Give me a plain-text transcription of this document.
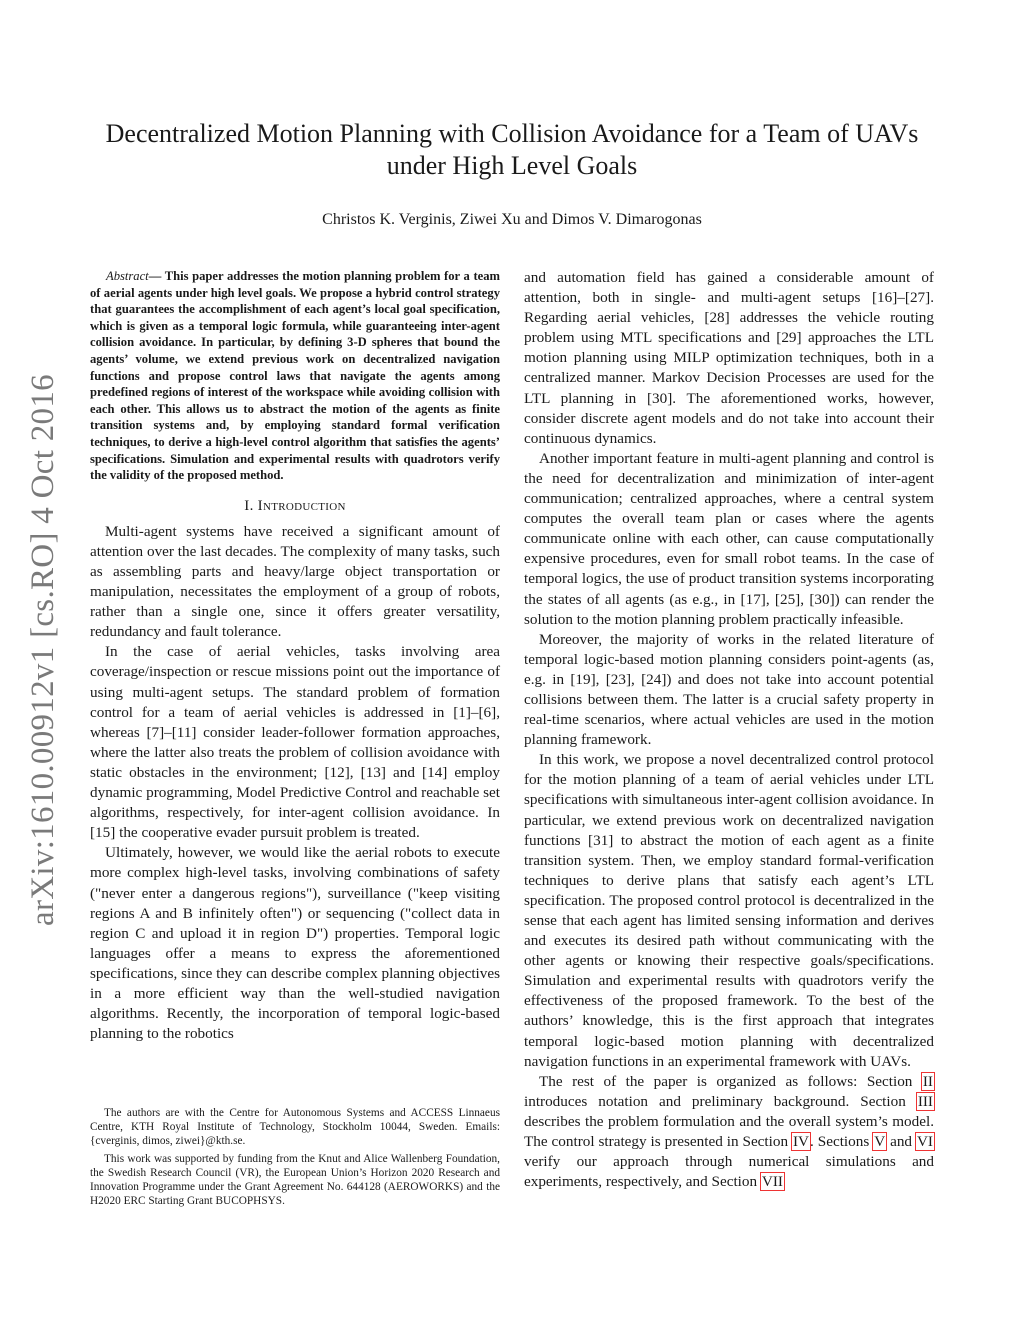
arXiv:1610.00912v1 [cs.RO] 4 Oct 2016
Decentralized Motion Planning with Collision Avoidance for a Team of UAVs under High Level Goals
Christos K. Verginis, Ziwei Xu and Dimos V. Dimarogonas

Abstract— This paper addresses the motion planning problem for a team of aerial agents under high level goals. We propose a hybrid control strategy that guarantees the accomplishment of each agent’s local goal specification, which is given as a temporal logic formula, while guaranteeing inter-agent collision avoidance. In particular, by defining 3-D spheres that bound the agents’ volume, we extend previous work on decentralized navigation functions and propose control laws that navigate the agents among predefined regions of interest of the workspace while avoiding collision with each other. This allows us to abstract the motion of the agents as finite transition systems and, by employing standard formal verification techniques, to derive a high-level control algorithm that satisfies the agents’ specifications. Simulation and experimental results with quadrotors verify the validity of the proposed method.

I. Introduction

Multi-agent systems have received a significant amount of attention over the last decades. The complexity of many tasks, such as assembling parts and heavy/large object transportation or manipulation, necessitates the employment of a group of robots, rather than a single one, since it offers greater versatility, redundancy and fault tolerance.

In the case of aerial vehicles, tasks involving area coverage/inspection or rescue missions point out the importance of using multi-agent setups. The standard problem of formation control for a team of aerial vehicles is addressed in [1]–[6], whereas [7]–[11] consider leader-follower formation approaches, where the latter also treats the problem of collision avoidance with static obstacles in the environment; [12], [13] and [14] employ dynamic programming, Model Predictive Control and reachable set algorithms, respectively, for inter-agent collision avoidance. In [15] the cooperative evader pursuit problem is treated.

Ultimately, however, we would like the aerial robots to execute more complex high-level tasks, involving combinations of safety ("never enter a dangerous regions"), surveillance ("keep visiting regions A and B infinitely often") or sequencing ("collect data in region C and upload it in region D") properties. Temporal logic languages offer a means to express the aforementioned specifications, since they can describe complex planning objectives in a more efficient way than the well-studied navigation algorithms. Recently, the incorporation of temporal logic-based planning to the robotics

The authors are with the Centre for Autonomous Systems and ACCESS Linnaeus Centre, KTH Royal Institute of Technology, Stockholm 10044, Sweden. Emails: {cverginis, dimos, ziwei}@kth.se.

This work was supported by funding from the Knut and Alice Wallenberg Foundation, the Swedish Research Council (VR), the European Union’s Horizon 2020 Research and Innovation Programme under the Grant Agreement No. 644128 (AEROWORKS) and the H2020 ERC Starting Grant BUCOPHSYS.

and automation field has gained a considerable amount of attention, both in single- and multi-agent setups [16]–[27]. Regarding aerial vehicles, [28] addresses the vehicle routing problem using MTL specifications and [29] approaches the LTL motion planning using MILP optimization techniques, both in a centralized manner. Markov Decision Processes are used for the LTL planning in [30]. The aforementioned works, however, consider discrete agent models and do not take into account their continuous dynamics.

Another important feature in multi-agent planning and control is the need for decentralization and minimization of inter-agent communication; centralized approaches, where a central system computes the overall team plan or cases where the agents communicate online with each other, can cause computationally expensive procedures, even for small robot teams. In the case of temporal logics, the use of product transition systems incorporating the states of all agents (as e.g., in [17], [25], [30]) can render the solution to the motion planning problem practically infeasible.

Moreover, the majority of works in the related literature of temporal logic-based motion planning considers point-agents (as, e.g. in [19], [23], [24]) and does not take into account potential collisions between them. The latter is a crucial safety property in real-time scenarios, where actual vehicles are used in the motion planning framework.

In this work, we propose a novel decentralized control protocol for the motion planning of a team of aerial vehicles under LTL specifications with simultaneous inter-agent collision avoidance. In particular, we extend previous work on decentralized navigation functions [31] to abstract the motion of each agent as a finite transition system. Then, we employ standard formal-verification techniques to derive plans that satisfy each agent’s LTL specification. The proposed control protocol is decentralized in the sense that each agent has limited sensing information and derives and executes its desired path without communicating with the other agents or knowing their respective goals/specifications. Simulation and experimental results with quadrotors verify the effectiveness of the proposed framework. To the best of the authors’ knowledge, this is the first approach that integrates temporal logic-based motion planning with decentralized navigation functions in an experimental framework with UAVs.

The rest of the paper is organized as follows: Section II introduces notation and preliminary background. Section III describes the problem formulation and the overall system’s model. The control strategy is presented in Section IV. Sections V and VI verify our approach through numerical simulations and experiments, respectively, and Section VII
